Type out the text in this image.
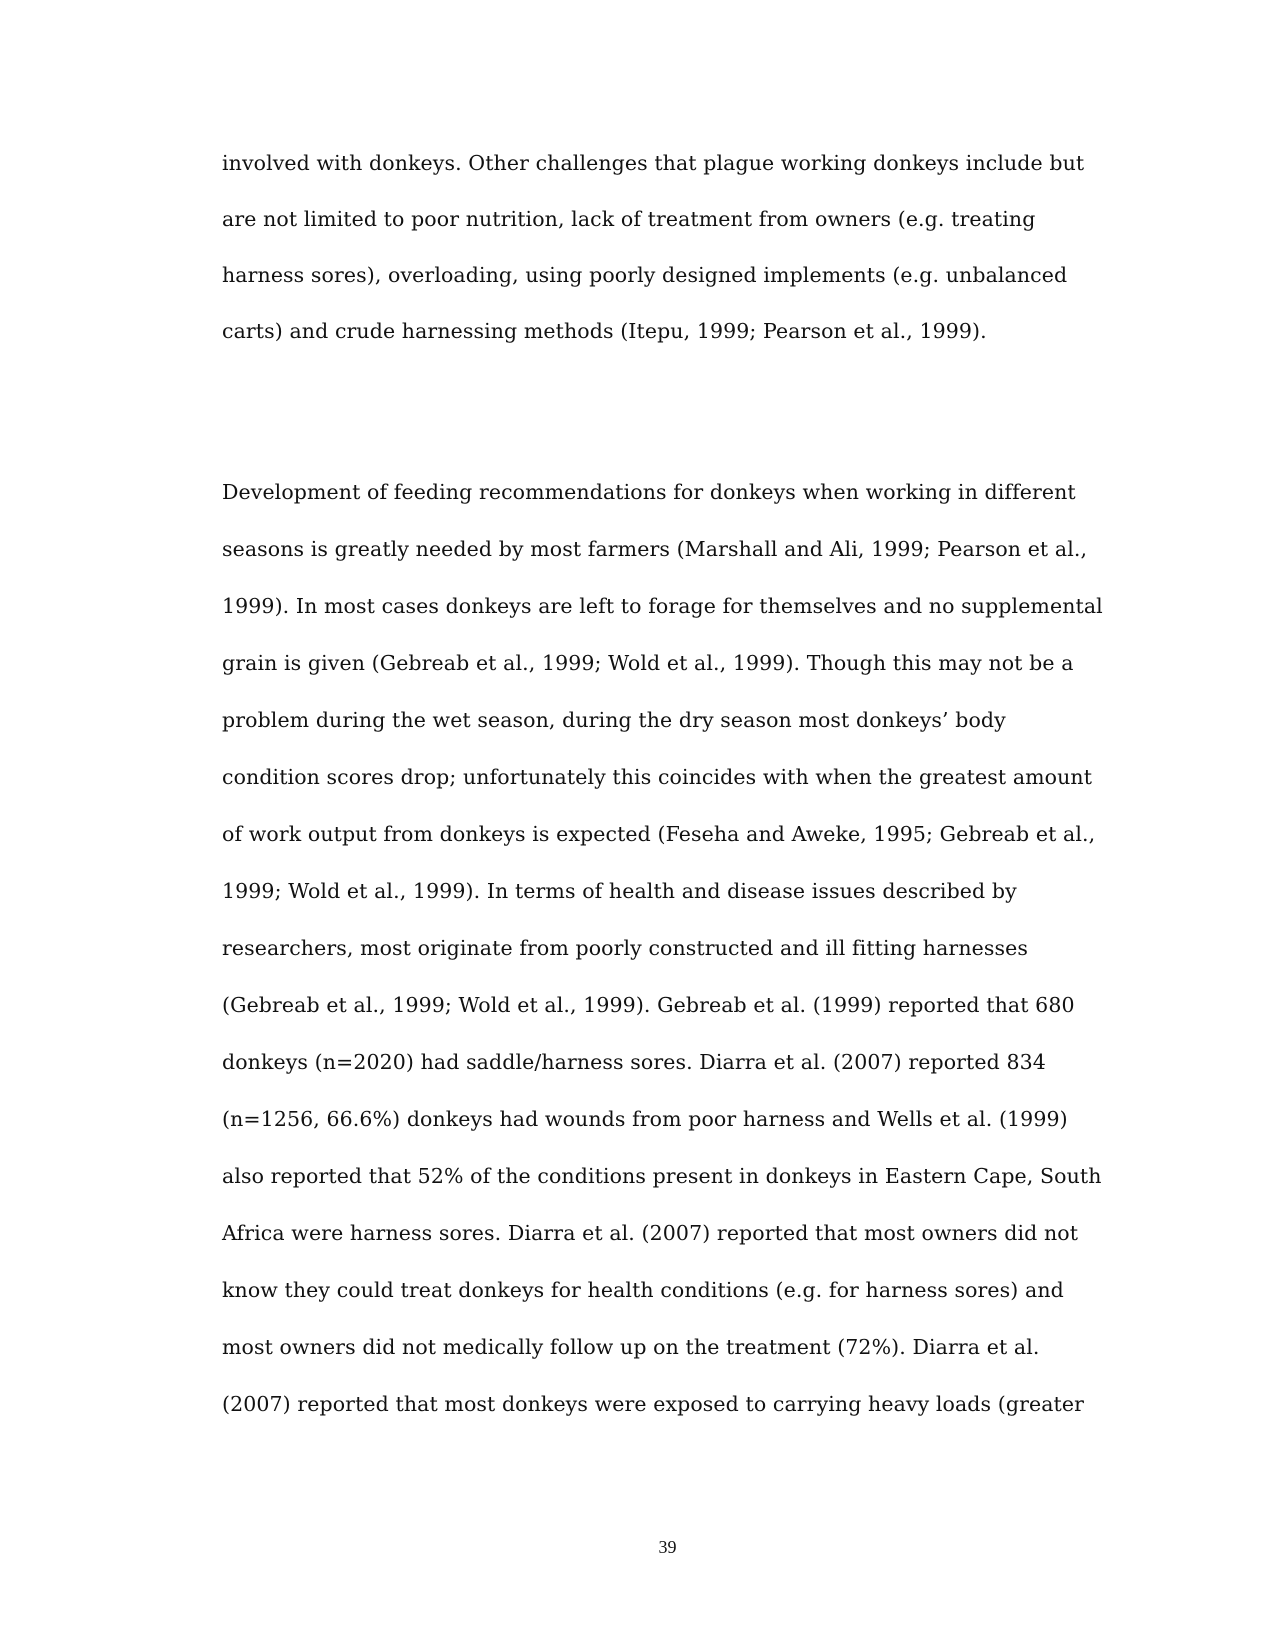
involved with donkeys. Other challenges that plague working donkeys include but
are not limited to poor nutrition, lack of treatment from owners (e.g. treating
harness sores), overloading, using poorly designed implements (e.g. unbalanced
carts) and crude harnessing methods (Itepu, 1999; Pearson et al., 1999).
Development of feeding recommendations for donkeys when working in different
seasons is greatly needed by most farmers (Marshall and Ali, 1999; Pearson et al.,
1999). In most cases donkeys are left to forage for themselves and no supplemental
grain is given (Gebreab et al., 1999; Wold et al., 1999). Though this may not be a
problem during the wet season, during the dry season most donkeys’ body
condition scores drop; unfortunately this coincides with when the greatest amount
of work output from donkeys is expected (Feseha and Aweke, 1995; Gebreab et al.,
1999; Wold et al., 1999). In terms of health and disease issues described by
researchers, most originate from poorly constructed and ill fitting harnesses
(Gebreab et al., 1999; Wold et al., 1999). Gebreab et al. (1999) reported that 680
donkeys (n=2020) had saddle/harness sores. Diarra et al. (2007) reported 834
(n=1256, 66.6%) donkeys had wounds from poor harness and Wells et al. (1999)
also reported that 52% of the conditions present in donkeys in Eastern Cape, South
Africa were harness sores. Diarra et al. (2007) reported that most owners did not
know they could treat donkeys for health conditions (e.g. for harness sores) and
most owners did not medically follow up on the treatment (72%). Diarra et al.
(2007) reported that most donkeys were exposed to carrying heavy loads (greater
39
